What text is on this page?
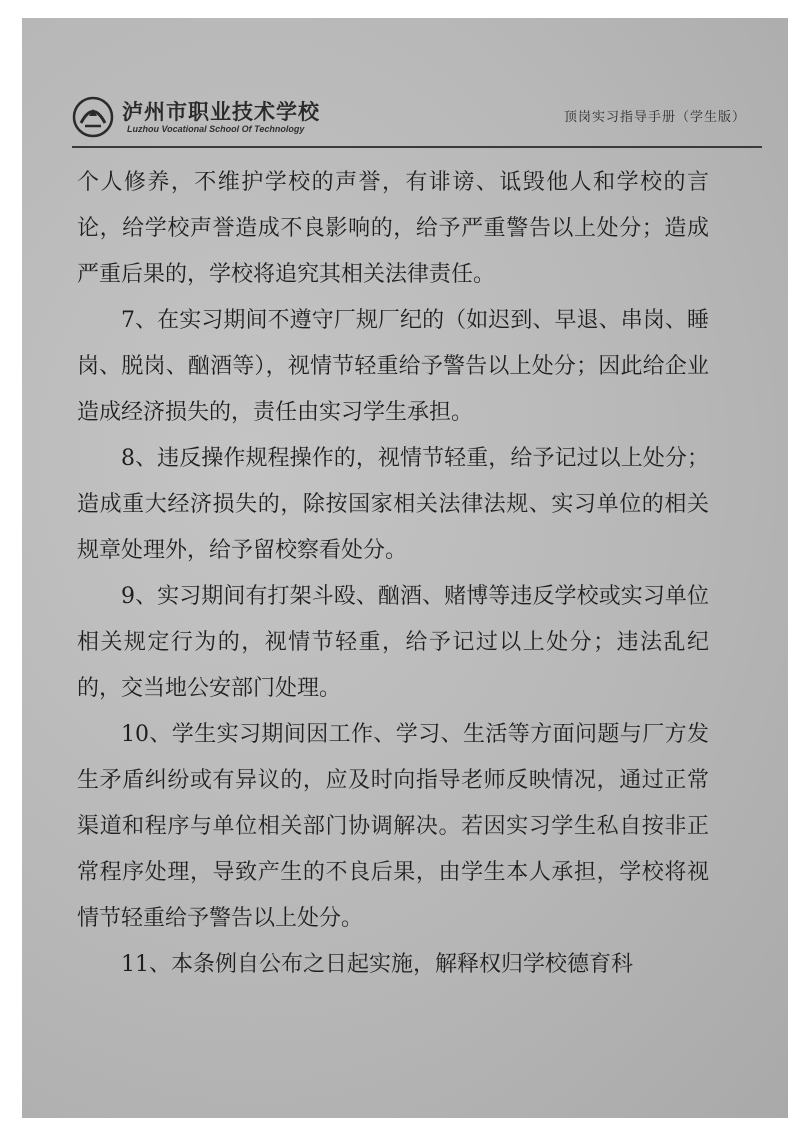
泸州市职业技术学校
Luzhou Vocational School Of Technology
顶岗实习指导手册（学生版）

个人修养，不维护学校的声誉，有诽谤、诋毁他人和学校的言论，给学校声誉造成不良影响的，给予严重警告以上处分；造成严重后果的，学校将追究其相关法律责任。

7、在实习期间不遵守厂规厂纪的（如迟到、早退、串岗、睡岗、脱岗、酗酒等），视情节轻重给予警告以上处分；因此给企业造成经济损失的，责任由实习学生承担。

8、违反操作规程操作的，视情节轻重，给予记过以上处分；造成重大经济损失的，除按国家相关法律法规、实习单位的相关规章处理外，给予留校察看处分。

9、实习期间有打架斗殴、酗酒、赌博等违反学校或实习单位相关规定行为的，视情节轻重，给予记过以上处分；违法乱纪的，交当地公安部门处理。

10、学生实习期间因工作、学习、生活等方面问题与厂方发生矛盾纠纷或有异议的，应及时向指导老师反映情况，通过正常渠道和程序与单位相关部门协调解决。若因实习学生私自按非正常程序处理，导致产生的不良后果，由学生本人承担，学校将视情节轻重给予警告以上处分。

11、本条例自公布之日起实施，解释权归学校德育科
